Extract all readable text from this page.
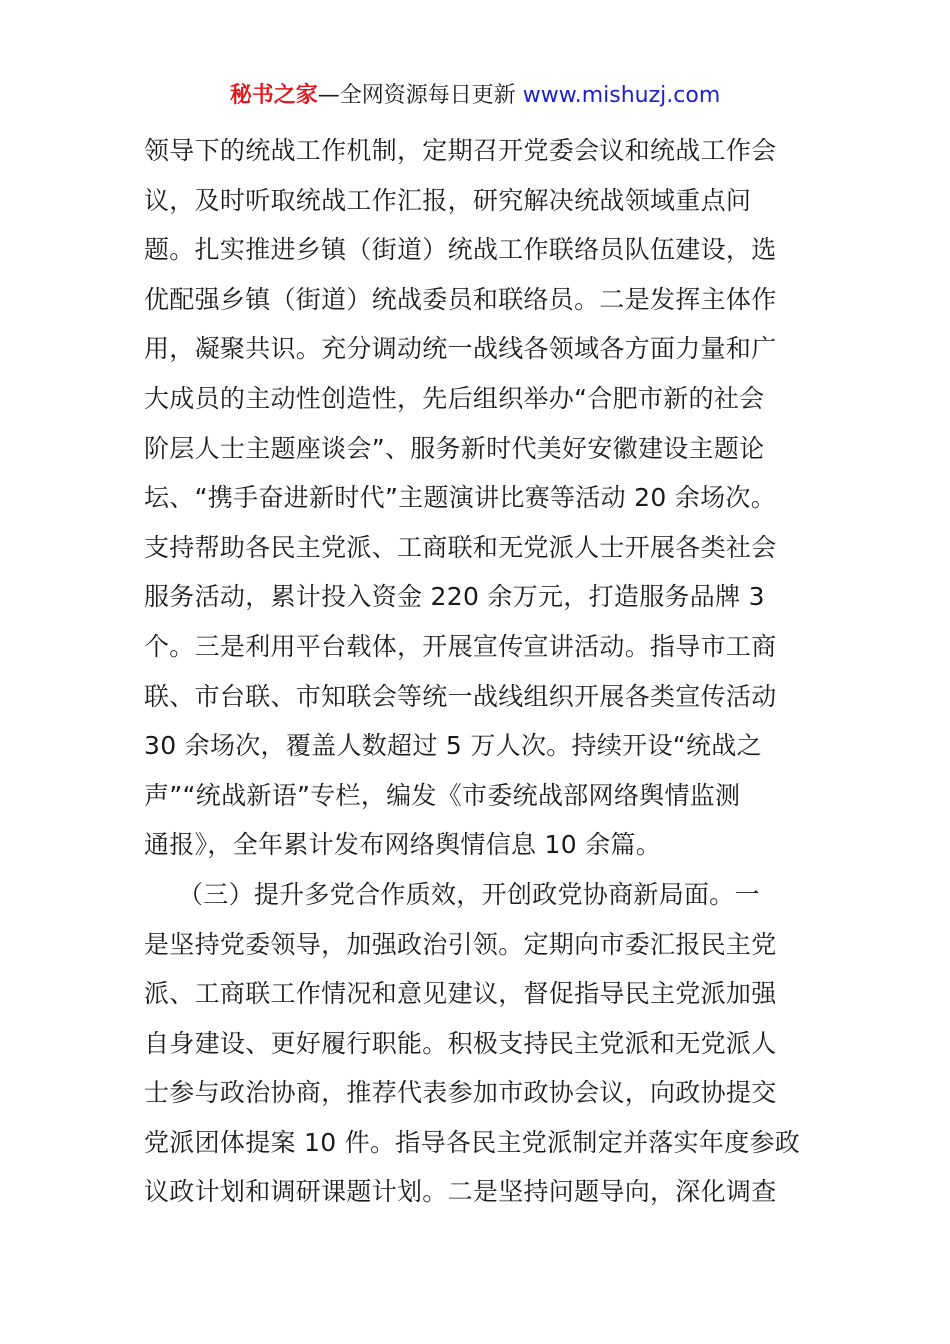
秘书之家—全网资源每日更新 www.mishuzj.com
领导下的统战工作机制，定期召开党委会议和统战工作会
议，及时听取统战工作汇报，研究解决统战领域重点问
题。扎实推进乡镇（街道）统战工作联络员队伍建设，选
优配强乡镇（街道）统战委员和联络员。二是发挥主体作
用，凝聚共识。充分调动统一战线各领域各方面力量和广
大成员的主动性创造性，先后组织举办“合肥市新的社会
阶层人士主题座谈会”、服务新时代美好安徽建设主题论
坛、“携手奋进新时代”主题演讲比赛等活动 20 余场次。
支持帮助各民主党派、工商联和无党派人士开展各类社会
服务活动，累计投入资金 220 余万元，打造服务品牌 3
个。三是利用平台载体，开展宣传宣讲活动。指导市工商
联、市台联、市知联会等统一战线组织开展各类宣传活动
30 余场次，覆盖人数超过 5 万人次。持续开设“统战之
声”“统战新语”专栏，编发《市委统战部网络舆情监测
通报》，全年累计发布网络舆情信息 10 余篇。
（三）提升多党合作质效，开创政党协商新局面。一
是坚持党委领导，加强政治引领。定期向市委汇报民主党
派、工商联工作情况和意见建议，督促指导民主党派加强
自身建设、更好履行职能。积极支持民主党派和无党派人
士参与政治协商，推荐代表参加市政协会议，向政协提交
党派团体提案 10 件。指导各民主党派制定并落实年度参政
议政计划和调研课题计划。二是坚持问题导向，深化调查
